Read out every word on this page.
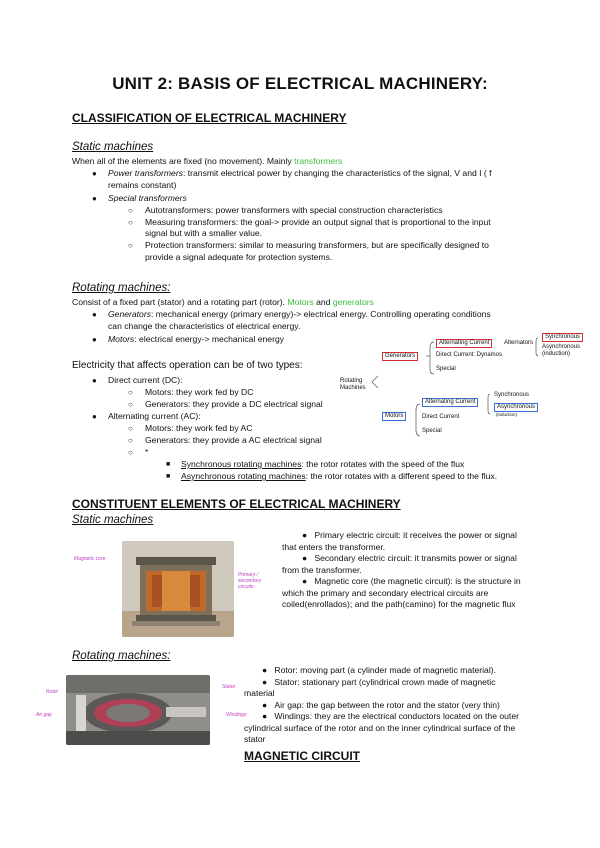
UNIT 2: BASIS OF ELECTRICAL MACHINERY:
CLASSIFICATION OF ELECTRICAL MACHINERY
Static machines
When all of the elements are fixed (no movement). Mainly transformers
● Power transformers: transmit electrical power by changing the characteristics of the signal, V and I ( f
remains constant)
● Special transformers
○ Autotransformers: power transformers with special construction characteristics
○ Measuring transformers: the goal-> provide an output signal that is proportional to the input
signal but with a smaller value.
○ Protection transformers: similar to measuring transformers, but are specifically designed to
provide a signal adequate for protection systems.
Rotating machines:
Consist of a fixed part (stator) and a rotating part (rotor). Motors and generators
● Generators: mechanical energy (primary energy)-> electrical energy. Controlling operating conditions
can change the characteristics of electrical energy.
● Motors: electrical energy-> mechanical energy
Electricity that affects operation can be of two types:
● Direct current (DC):
○ Motors: they work fed by DC
○ Generators: they provide a DC electrical signal
● Alternating current (AC):
○ Motors: they work fed by AC
○ Generators: they provide a AC electrical signal
○ *
■ Synchronous rotating machines: the rotor rotates with the speed of the flux
■ Asynchronous rotating machines: the rotor rotates with a different speed to the flux.
Rotating Machines
Generators
Alternating Current	Alternators
Synchronous
Asynchronous
(induction)
Direct Current: Dynamos
Special
Motors
Alternating Current
Synchronous
Asynchronous
(induction)
Direct Current
Special
CONSTITUENT ELEMENTS OF ELECTRICAL MACHINERY
Static machines
Magnetic core
Primary / secondary circuits
●   Primary electric circuit: it receives the power or signal that enters the transformer.
●   Secondary electric circuit: it transmits power or signal from the transformer.
●   Magnetic core (the magnetic circuit): is the structure in which the primary and secondary electrical circuits are coiled(enrollados); and the path(camino) for the magnetic flux
Rotating machines:
Rotor
Air gap
Stator
Windings
●   Rotor: moving part (a cylinder made of magnetic material).
●   Stator: stationary part (cylindrical crown made of magnetic material
●   Air gap: the gap between the rotor and the stator (very thin)
●   Windings: they are the electrical conductors located on the outer cylindrical surface of the rotor and on the inner cylindrical surface of the stator
MAGNETIC CIRCUIT
